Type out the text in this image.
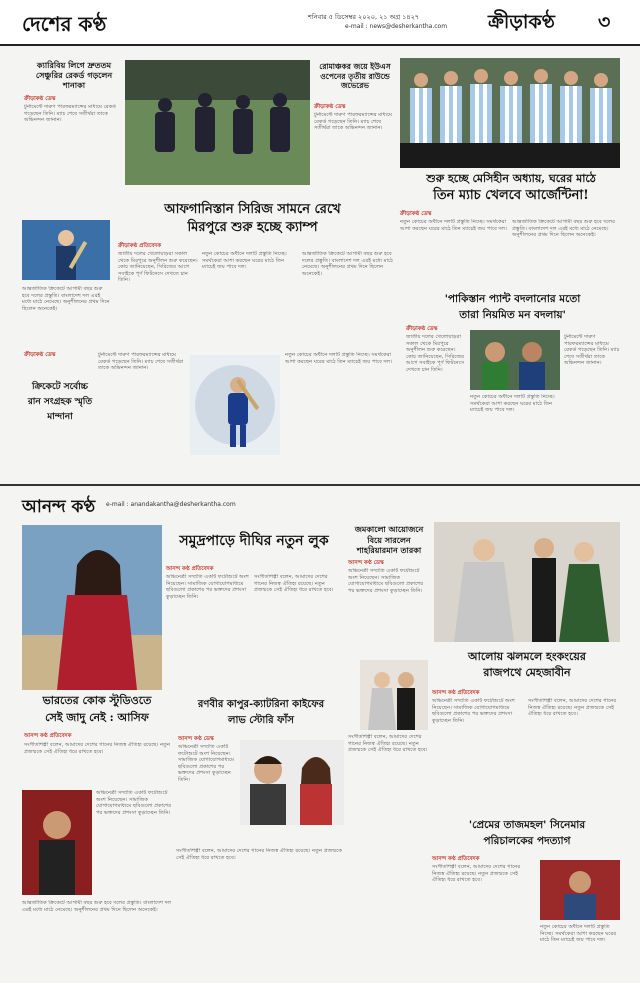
দেশের কণ্ঠ	শনিবার ৫ ডিসেম্বর ২০২০, ২১ অগ্র ১৪২৭
e-mail : news@desherkantha.com ক্রীড়াকণ্ঠ ৩
ক্যারিবিয় লিগে দ্রুততম সেঞ্চুরির রেকর্ড গড়লেন শানাকা
ক্রীড়াকণ্ঠ ডেস্ক
টুর্নামেন্টে দারুণ পারফরম্যান্সের মাধ্যমে রেকর্ড গড়েছেন তিনি। ম্যাচ শেষে সতীর্থরা তাকে অভিনন্দন জানান।
আন্তর্জাতিক ক্রিকেটে আগামী বছর শুরু হবে দলের প্রস্তুতি। বাংলাদেশ দল এরই মধ্যে মাঠে নেমেছে। অনুশীলনের প্রথম দিনে ছিলেন অনেকেই।
আফগানিস্তান সিরিজ সামনে রেখে
মিরপুরে শুরু হচ্ছে ক্যাম্প
ক্রীড়াকণ্ঠ প্রতিবেদক
জাতীয় দলের খেলোয়াড়রা সকাল থেকে মিরপুরে অনুশীলন শুরু করেছেন। কোচ জানিয়েছেন, সিরিজের আগে সবাইকে পূর্ণ ফিটনেসে দেখতে চান তিনি।
নতুন কোচের অধীনে দলটি প্রস্তুতি নিচ্ছে। সমর্থকেরা আশা করছেন ঘরের মাঠে তিন ম্যাচেই জয় পাবে দল।
আন্তর্জাতিক ক্রিকেটে আগামী বছর শুরু হবে দলের প্রস্তুতি। বাংলাদেশ দল এরই মধ্যে মাঠে নেমেছে। অনুশীলনের প্রথম দিনে ছিলেন অনেকেই।
রোমাঞ্চকর জয়ে ইউএস ওপেনের তৃতীয় রাউন্ডে জভেরেভ
ক্রীড়াকণ্ঠ ডেস্ক
টুর্নামেন্টে দারুণ পারফরম্যান্সের মাধ্যমে রেকর্ড গড়েছেন তিনি। ম্যাচ শেষে সতীর্থরা তাকে অভিনন্দন জানান।
শুরু হচ্ছে মেসিহীন অধ্যায়, ঘরের মাঠে
তিন ম্যাচ খেলবে আর্জেন্টিনা!
ক্রীড়াকণ্ঠ ডেস্ক
নতুন কোচের অধীনে দলটি প্রস্তুতি নিচ্ছে। সমর্থকেরা আশা করছেন ঘরের মাঠে তিন ম্যাচেই জয় পাবে দল।
আন্তর্জাতিক ক্রিকেটে আগামী বছর শুরু হবে দলের প্রস্তুতি। বাংলাদেশ দল এরই মধ্যে মাঠে নেমেছে। অনুশীলনের প্রথম দিনে ছিলেন অনেকেই।
'পাকিস্তান প্যান্ট বদলানোর মতো
তারা নিয়মিত মন বদলায়'
ক্রীড়াকণ্ঠ ডেস্ক
জাতীয় দলের খেলোয়াড়রা সকাল থেকে মিরপুরে অনুশীলন শুরু করেছেন। কোচ জানিয়েছেন, সিরিজের আগে সবাইকে পূর্ণ ফিটনেসে দেখতে চান তিনি।
নতুন কোচের অধীনে দলটি প্রস্তুতি নিচ্ছে। সমর্থকেরা আশা করছেন ঘরের মাঠে তিন ম্যাচেই জয় পাবে দল।
টুর্নামেন্টে দারুণ পারফরম্যান্সের মাধ্যমে রেকর্ড গড়েছেন তিনি। ম্যাচ শেষে সতীর্থরা তাকে অভিনন্দন জানান।
ক্রিকেটে সর্বোচ্চ রান সংগ্রহক স্মৃতি মান্দানা
ক্রীড়াকণ্ঠ ডেস্ক	টুর্নামেন্টে দারুণ পারফরম্যান্সের মাধ্যমে রেকর্ড গড়েছেন তিনি। ম্যাচ শেষে সতীর্থরা তাকে অভিনন্দন জানান।
নতুন কোচের অধীনে দলটি প্রস্তুতি নিচ্ছে। সমর্থকেরা আশা করছেন ঘরের মাঠে তিন ম্যাচেই জয় পাবে দল।
আনন্দ কণ্ঠ e-mail : anandakantha@desherkantha.com
সমুদ্রপাড়ে দীঘির নতুন লুক
আনন্দ কণ্ঠ প্রতিবেদক
অভিনেত্রী সম্প্রতি একটি ফটোশুটে অংশ নিয়েছেন। সামাজিক যোগাযোগমাধ্যমে ছবিগুলো প্রকাশের পর ভক্তদের প্রশংসা কুড়াচ্ছেন তিনি।
সংগীতশিল্পী বলেন, আমাদের দেশের গানের নিজস্ব ঐতিহ্য রয়েছে। নতুন প্রজন্মকে সেই ঐতিহ্য ধরে রাখতে হবে।
জমকালো আয়োজনে বিয়ে সারলেন শাহরিয়ারমান তারকা
আনন্দ কণ্ঠ ডেস্ক
অভিনেত্রী সম্প্রতি একটি ফটোশুটে অংশ নিয়েছেন। সামাজিক যোগাযোগমাধ্যমে ছবিগুলো প্রকাশের পর ভক্তদের প্রশংসা কুড়াচ্ছেন তিনি।
আলোয় ঝলমলে হংকংয়ের
রাজপথে মেহজাবীন
আনন্দ কণ্ঠ প্রতিবেদক
অভিনেত্রী সম্প্রতি একটি ফটোশুটে অংশ নিয়েছেন। সামাজিক যোগাযোগমাধ্যমে ছবিগুলো প্রকাশের পর ভক্তদের প্রশংসা কুড়াচ্ছেন তিনি।
সংগীতশিল্পী বলেন, আমাদের দেশের গানের নিজস্ব ঐতিহ্য রয়েছে। নতুন প্রজন্মকে সেই ঐতিহ্য ধরে রাখতে হবে।
সংগীতশিল্পী বলেন, আমাদের দেশের গানের নিজস্ব ঐতিহ্য রয়েছে। নতুন প্রজন্মকে সেই ঐতিহ্য ধরে রাখতে হবে।
ভারতের কোক স্টুডিওতে
সেই জাদু নেই : আসিফ
আনন্দ কণ্ঠ প্রতিবেদক
সংগীতশিল্পী বলেন, আমাদের দেশের গানের নিজস্ব ঐতিহ্য রয়েছে। নতুন প্রজন্মকে সেই ঐতিহ্য ধরে রাখতে হবে।
অভিনেত্রী সম্প্রতি একটি ফটোশুটে অংশ নিয়েছেন। সামাজিক যোগাযোগমাধ্যমে ছবিগুলো প্রকাশের পর ভক্তদের প্রশংসা কুড়াচ্ছেন তিনি।
আন্তর্জাতিক ক্রিকেটে আগামী বছর শুরু হবে দলের প্রস্তুতি। বাংলাদেশ দল এরই মধ্যে মাঠে নেমেছে। অনুশীলনের প্রথম দিনে ছিলেন অনেকেই।
রণবীর কাপুর-ক্যাটরিনা কাইফের
লাভ স্টোরি ফাঁস
আনন্দ কণ্ঠ ডেস্ক
অভিনেত্রী সম্প্রতি একটি ফটোশুটে অংশ নিয়েছেন। সামাজিক যোগাযোগমাধ্যমে ছবিগুলো প্রকাশের পর ভক্তদের প্রশংসা কুড়াচ্ছেন তিনি।
সংগীতশিল্পী বলেন, আমাদের দেশের গানের নিজস্ব ঐতিহ্য রয়েছে। নতুন প্রজন্মকে সেই ঐতিহ্য ধরে রাখতে হবে।
'প্রেমের তাজমহল' সিনেমার
পরিচালকের পদত্যাগ
আনন্দ কণ্ঠ প্রতিবেদক
সংগীতশিল্পী বলেন, আমাদের দেশের গানের নিজস্ব ঐতিহ্য রয়েছে। নতুন প্রজন্মকে সেই ঐতিহ্য ধরে রাখতে হবে।
নতুন কোচের অধীনে দলটি প্রস্তুতি নিচ্ছে। সমর্থকেরা আশা করছেন ঘরের মাঠে তিন ম্যাচেই জয় পাবে দল।
